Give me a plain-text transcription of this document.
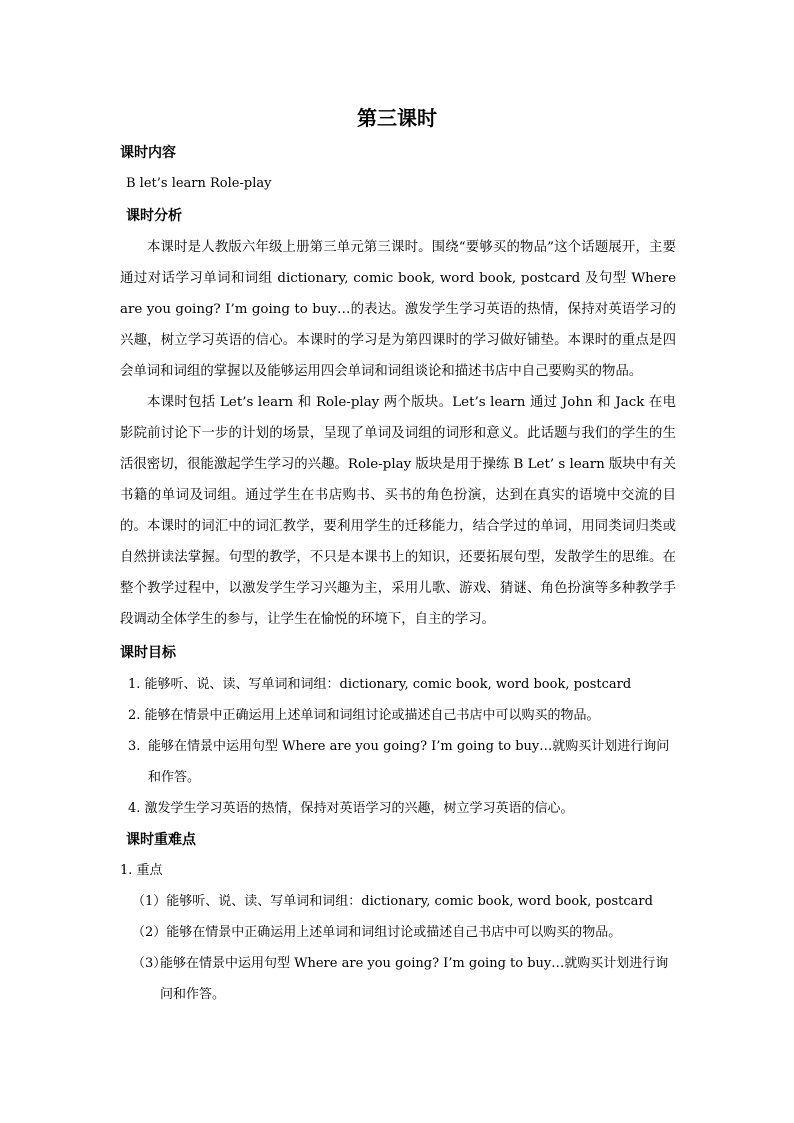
第三课时
课时内容
B let’s learn Role-play
课时分析

本课时是人教版六年级上册第三单元第三课时。围绕“要够买的物品”这个话题展开，主要通过对话学习单词和词组 dictionary, comic book, word book, postcard 及句型 Where are you going? I’m going to buy…的表达。激发学生学习英语的热情，保持对英语学习的兴趣，树立学习英语的信心。本课时的学习是为第四课时的学习做好铺垫。本课时的重点是四会单词和词组的掌握以及能够运用四会单词和词组谈论和描述书店中自己要购买的物品。

本课时包括 Let’s learn 和 Role-play 两个版块。Let’s learn 通过 John 和 Jack 在电影院前讨论下一步的计划的场景，呈现了单词及词组的词形和意义。此话题与我们的学生的生活很密切，很能激起学生学习的兴趣。Role-play 版块是用于操练 B Let’ s learn 版块中有关书籍的单词及词组。通过学生在书店购书、买书的角色扮演，达到在真实的语境中交流的目的。 本课时的词汇中的词汇教学，要利用学生的迁移能力，结合学过的单词，用同类词归类或自然拼读法掌握。句型的教学，不只是本课书上的知识，还要拓展句型，发散学生的思维。在整个教学过程中，以激发学生学习兴趣为主，采用儿歌、游戏、猜谜、角色扮演等多种教学手段调动全体学生的参与，让学生在愉悦的环境下，自主的学习。

课时目标

1. 能够听、说、读、写单词和词组：dictionary, comic book, word book, postcard

2. 能够在情景中正确运用上述单词和词组讨论或描述自己书店中可以购买的物品。

3. 能够在情景中运用句型 Where are you going? I’m going to buy…就购买计划进行询问和作答。

4. 激发学生学习英语的热情，保持对英语学习的兴趣，树立学习英语的信心。

课时重难点
1. 重点

（1）能够听、说、读、写单词和词组：dictionary, comic book, word book, postcard

（2）能够在情景中正确运用上述单词和词组讨论或描述自己书店中可以购买的物品。

（3）能够在情景中运用句型 Where are you going? I’m going to buy…就购买计划进行询问和作答。
